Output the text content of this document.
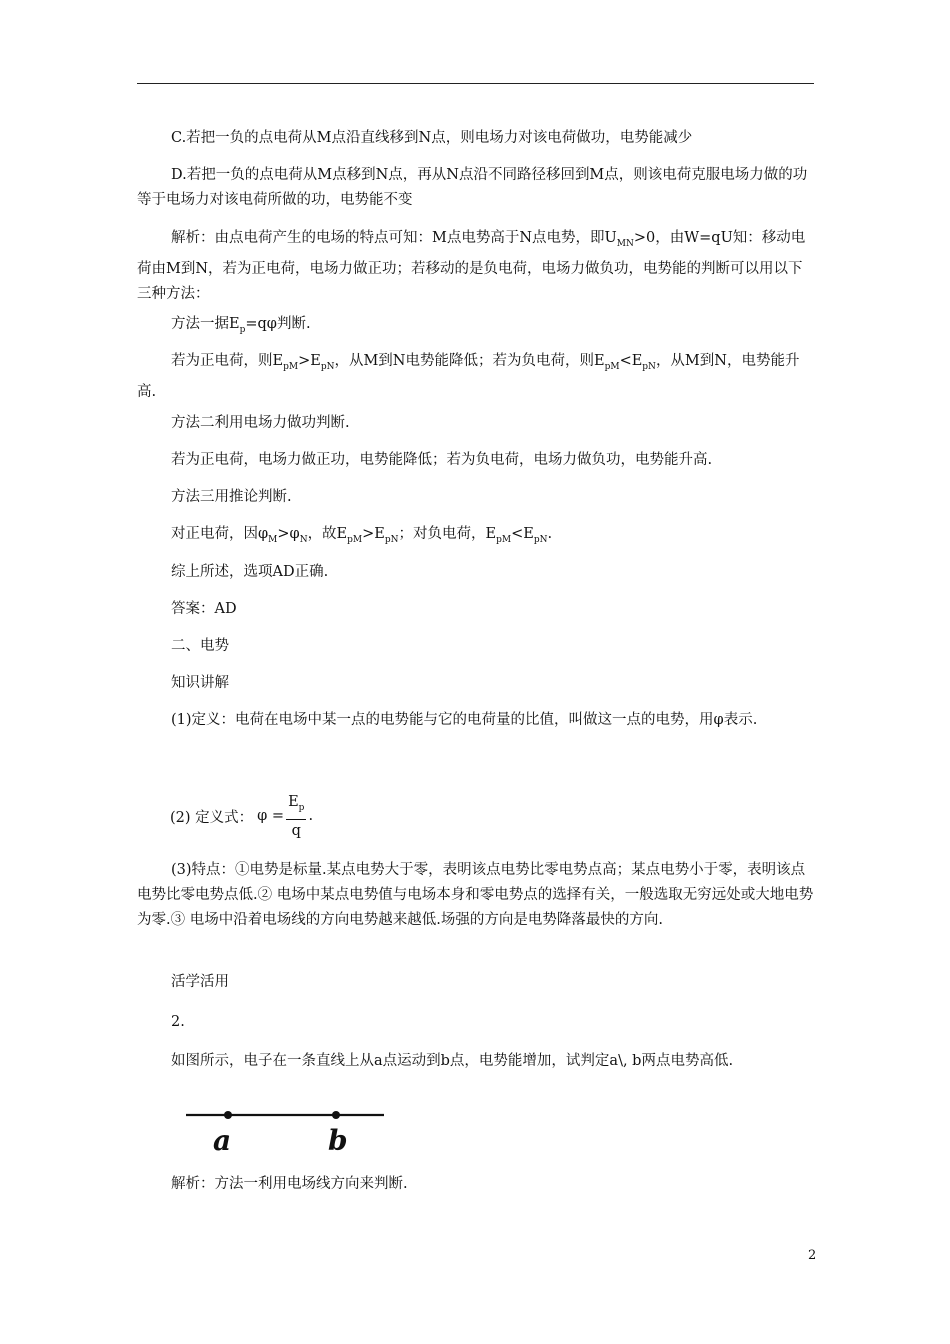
C.若把一负的点电荷从M点沿直线移到N点，则电场力对该电荷做功，电势能减少

D.若把一负的点电荷从M点移到N点，再从N点沿不同路径移回到M点，则该电荷克服电场力做的功等于电场力对该电荷所做的功，电势能不变

解析：由点电荷产生的电场的特点可知：M点电势高于N点电势，即$U_{MN}>0$，由W=qU知：移动电荷由M到N，若为正电荷，电场力做正功；若移动的是负电荷，电场力做负功，电势能的判断可以用以下三种方法：

方法一据$E_p=q\varphi$判断.

若为正电荷，则$E_{pM}>E_{pN}$，从M到N电势能降低；若为负电荷，则$E_{pM}<E_{pN}$，从M到N，电势能升高.

方法二利用电场力做功判断.

若为正电荷，电场力做正功，电势能降低；若为负电荷，电场力做负功，电势能升高.

方法三用推论判断.

对正电荷，因$\varphi_M>\varphi_N$，故$E_{pM}>E_{pN}$；对负电荷，$E_{pM}<E_{pN}$.

综上所述，选项AD正确.

答案：AD

二、电势

知识讲解

(1)定义：电荷在电场中某一点的电势能与它的电荷量的比值，叫做这一点的电势，用φ表示.

(2) 定义式： $\varphi = \frac{E_p}{q}$ .

(3)特点：①电势是标量.某点电势大于零，表明该点电势比零电势点高；某点电势小于零，表明该点电势比零电势点低.② 电场中某点电势值与电场本身和零电势点的选择有关，一般选取无穷远处或大地电势为零.③ 电场中沿着电场线的方向电势越来越低.场强的方向是电势降落最快的方向.

活学活用

2.

如图所示，电子在一条直线上从a点运动到b点，电势能增加，试判定a\, b两点电势高低.

a	b

解析：方法一利用电场线方向来判断.

2
